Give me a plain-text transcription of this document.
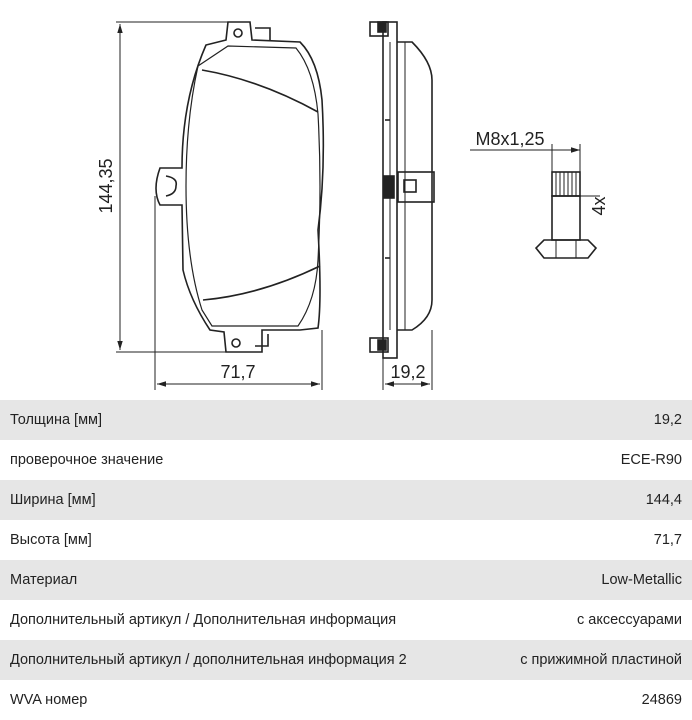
144,35
71,7	19,2
M8x1,25
4x
Толщина [мм]	19,2
проверочное значение	ECE-R90
Ширина [мм]	144,4
Высота [мм]	71,7
Материал	Low-Metallic
Дополнительный артикул / Дополнительная информация	с аксессуарами
Дополнительный артикул / дополнительная информация 2	с прижимной пластиной
WVA номер	24869
